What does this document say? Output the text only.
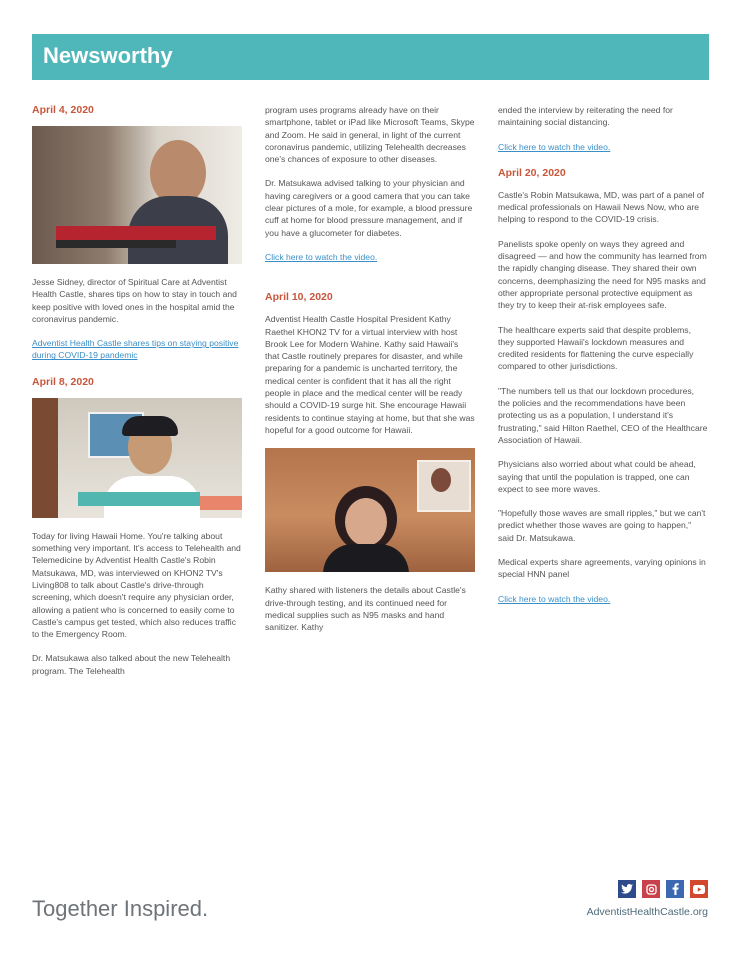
Newsworthy
April 4, 2020

Jesse Sidney, director of Spiritual Care at Adventist Health Castle, shares tips on how to stay in touch and keep positive with loved ones in the hospital amid the coronavirus pandemic.

Adventist Health Castle shares tips on staying positive during COVID-19 pandemic
April 8, 2020

Today for living Hawaii Home. You're talking about something very important. It's access to Telehealth and Telemedicine by Adventist Health Castle's Robin Matsukawa, MD, was interviewed on KHON2 TV's Living808 to talk about Castle's drive-through screening, which doesn't require any physician order, allowing a patient who is concerned to easily come to Castle's campus get tested, which also reduces traffic to the Emergency Room.

Dr. Matsukawa also talked about the new Telehealth program. The Telehealth

program uses programs already have on their smartphone, tablet or iPad like Microsoft Teams, Skype and Zoom. He said in general, in light of the current coronavirus pandemic, utilizing Telehealth decreases one's chances of exposure to other diseases.

Dr. Matsukawa advised talking to your physician and having caregivers or a good camera that you can take clear pictures of a mole, for example, a blood pressure cuff at home for blood pressure management, and if you have a glucometer for diabetes.

Click here to watch the video.
April 10, 2020

Adventist Health Castle Hospital President Kathy Raethel KHON2 TV for a virtual interview with host Brook Lee for Modern Wahine. Kathy said Hawaii's that Castle routinely prepares for disaster, and while preparing for a pandemic is uncharted territory, the medical center is confident that it has all the right people in place and the medical center will be ready should a COVID-19 surge hit. She encourage Hawaii residents to continue staying at home, but that she was hopeful for a good outcome for Hawaii.

Kathy shared with listeners the details about Castle's drive-through testing, and its continued need for medical supplies such as N95 masks and hand sanitizer. Kathy

ended the interview by reiterating the need for maintaining social distancing.

Click here to watch the video.
April 20, 2020

Castle's Robin Matsukawa, MD, was part of a panel of medical professionals on Hawaii News Now, who are helping to respond to the COVID-19 crisis.

Panelists spoke openly on ways they agreed and disagreed — and how the community has learned from the rapidly changing disease. They shared their own concerns, deemphasizing the need for N95 masks and other appropriate personal protective equipment as they try to keep their at-risk employees safe.

The healthcare experts said that despite problems, they supported Hawaii's lockdown measures and credited residents for flattening the curve especially compared to other jurisdictions.

"The numbers tell us that our lockdown procedures, the policies and the recommendations have been protecting us as a population, I understand it's frustrating," said Hilton Raethel, CEO of the Healthcare Association of Hawaii.

Physicians also worried about what could be ahead, saying that until the population is trapped, one can expect to see more waves.

"Hopefully those waves are small ripples," but we can't predict whether those waves are going to happen," said Dr. Matsukawa.

Medical experts share agreements, varying opinions in special HNN panel

Click here to watch the video.
Together Inspired.	AdventistHealthCastle.org
